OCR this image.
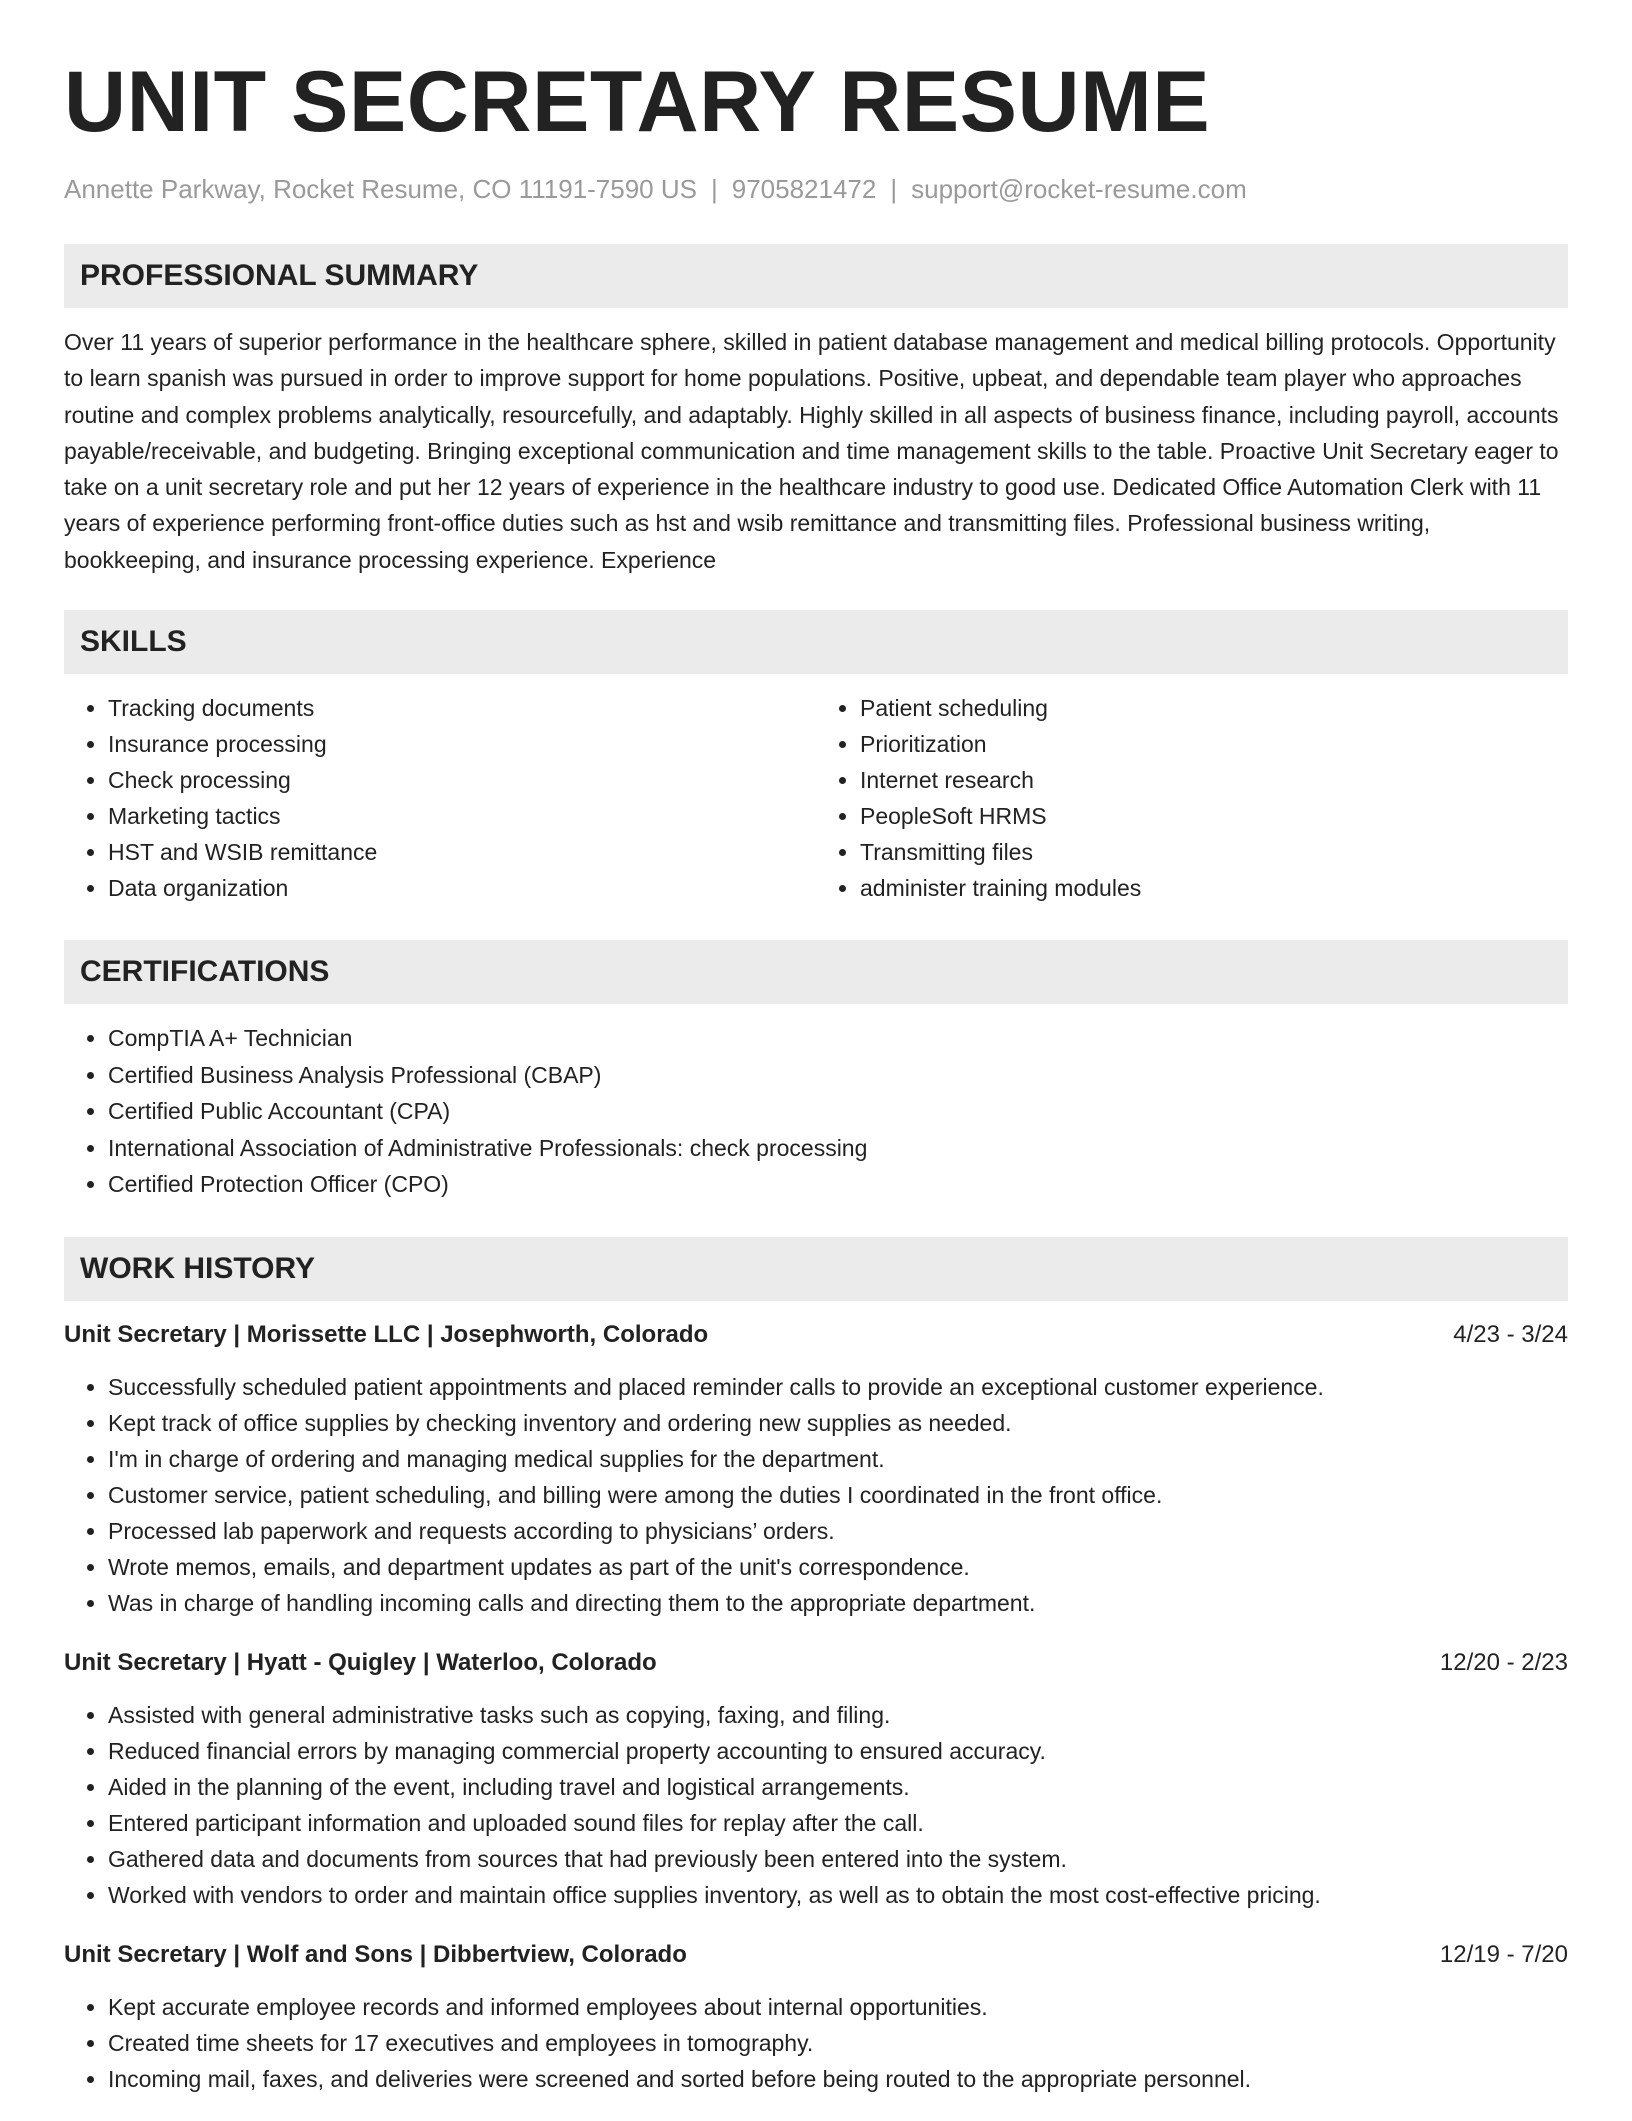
UNIT SECRETARY RESUME
Annette Parkway, Rocket Resume, CO 11191-7590 US | 9705821472 | support@rocket-resume.com
PROFESSIONAL SUMMARY

Over 11 years of superior performance in the healthcare sphere, skilled in patient database management and medical billing protocols. Opportunity to learn spanish was pursued in order to improve support for home populations. Positive, upbeat, and dependable team player who approaches routine and complex problems analytically, resourcefully, and adaptably. Highly skilled in all aspects of business finance, including payroll, accounts payable/receivable, and budgeting. Bringing exceptional communication and time management skills to the table. Proactive Unit Secretary eager to take on a unit secretary role and put her 12 years of experience in the healthcare industry to good use. Dedicated Office Automation Clerk with 11 years of experience performing front-office duties such as hst and wsib remittance and transmitting files. Professional business writing, bookkeeping, and insurance processing experience. Experience

SKILLS
• Tracking documents
• Insurance processing
• Check processing
• Marketing tactics
• HST and WSIB remittance
• Data organization
• Patient scheduling
• Prioritization
• Internet research
• PeopleSoft HRMS
• Transmitting files
• administer training modules
CERTIFICATIONS
• CompTIA A+ Technician
• Certified Business Analysis Professional (CBAP)
• Certified Public Accountant (CPA)
• International Association of Administrative Professionals: check processing
• Certified Protection Officer (CPO)
WORK HISTORY
Unit Secretary | Morissette LLC | Josephworth, Colorado	4/23 - 3/24
• Successfully scheduled patient appointments and placed reminder calls to provide an exceptional customer experience.
• Kept track of office supplies by checking inventory and ordering new supplies as needed.
• I'm in charge of ordering and managing medical supplies for the department.
• Customer service, patient scheduling, and billing were among the duties I coordinated in the front office.
• Processed lab paperwork and requests according to physicians’ orders.
• Wrote memos, emails, and department updates as part of the unit's correspondence.
• Was in charge of handling incoming calls and directing them to the appropriate department.
Unit Secretary | Hyatt - Quigley | Waterloo, Colorado	12/20 - 2/23
• Assisted with general administrative tasks such as copying, faxing, and filing.
• Reduced financial errors by managing commercial property accounting to ensured accuracy.
• Aided in the planning of the event, including travel and logistical arrangements.
• Entered participant information and uploaded sound files for replay after the call.
• Gathered data and documents from sources that had previously been entered into the system.
• Worked with vendors to order and maintain office supplies inventory, as well as to obtain the most cost-effective pricing.
Unit Secretary | Wolf and Sons | Dibbertview, Colorado	12/19 - 7/20
• Kept accurate employee records and informed employees about internal opportunities.
• Created time sheets for 17 executives and employees in tomography.
• Incoming mail, faxes, and deliveries were screened and sorted before being routed to the appropriate personnel.
